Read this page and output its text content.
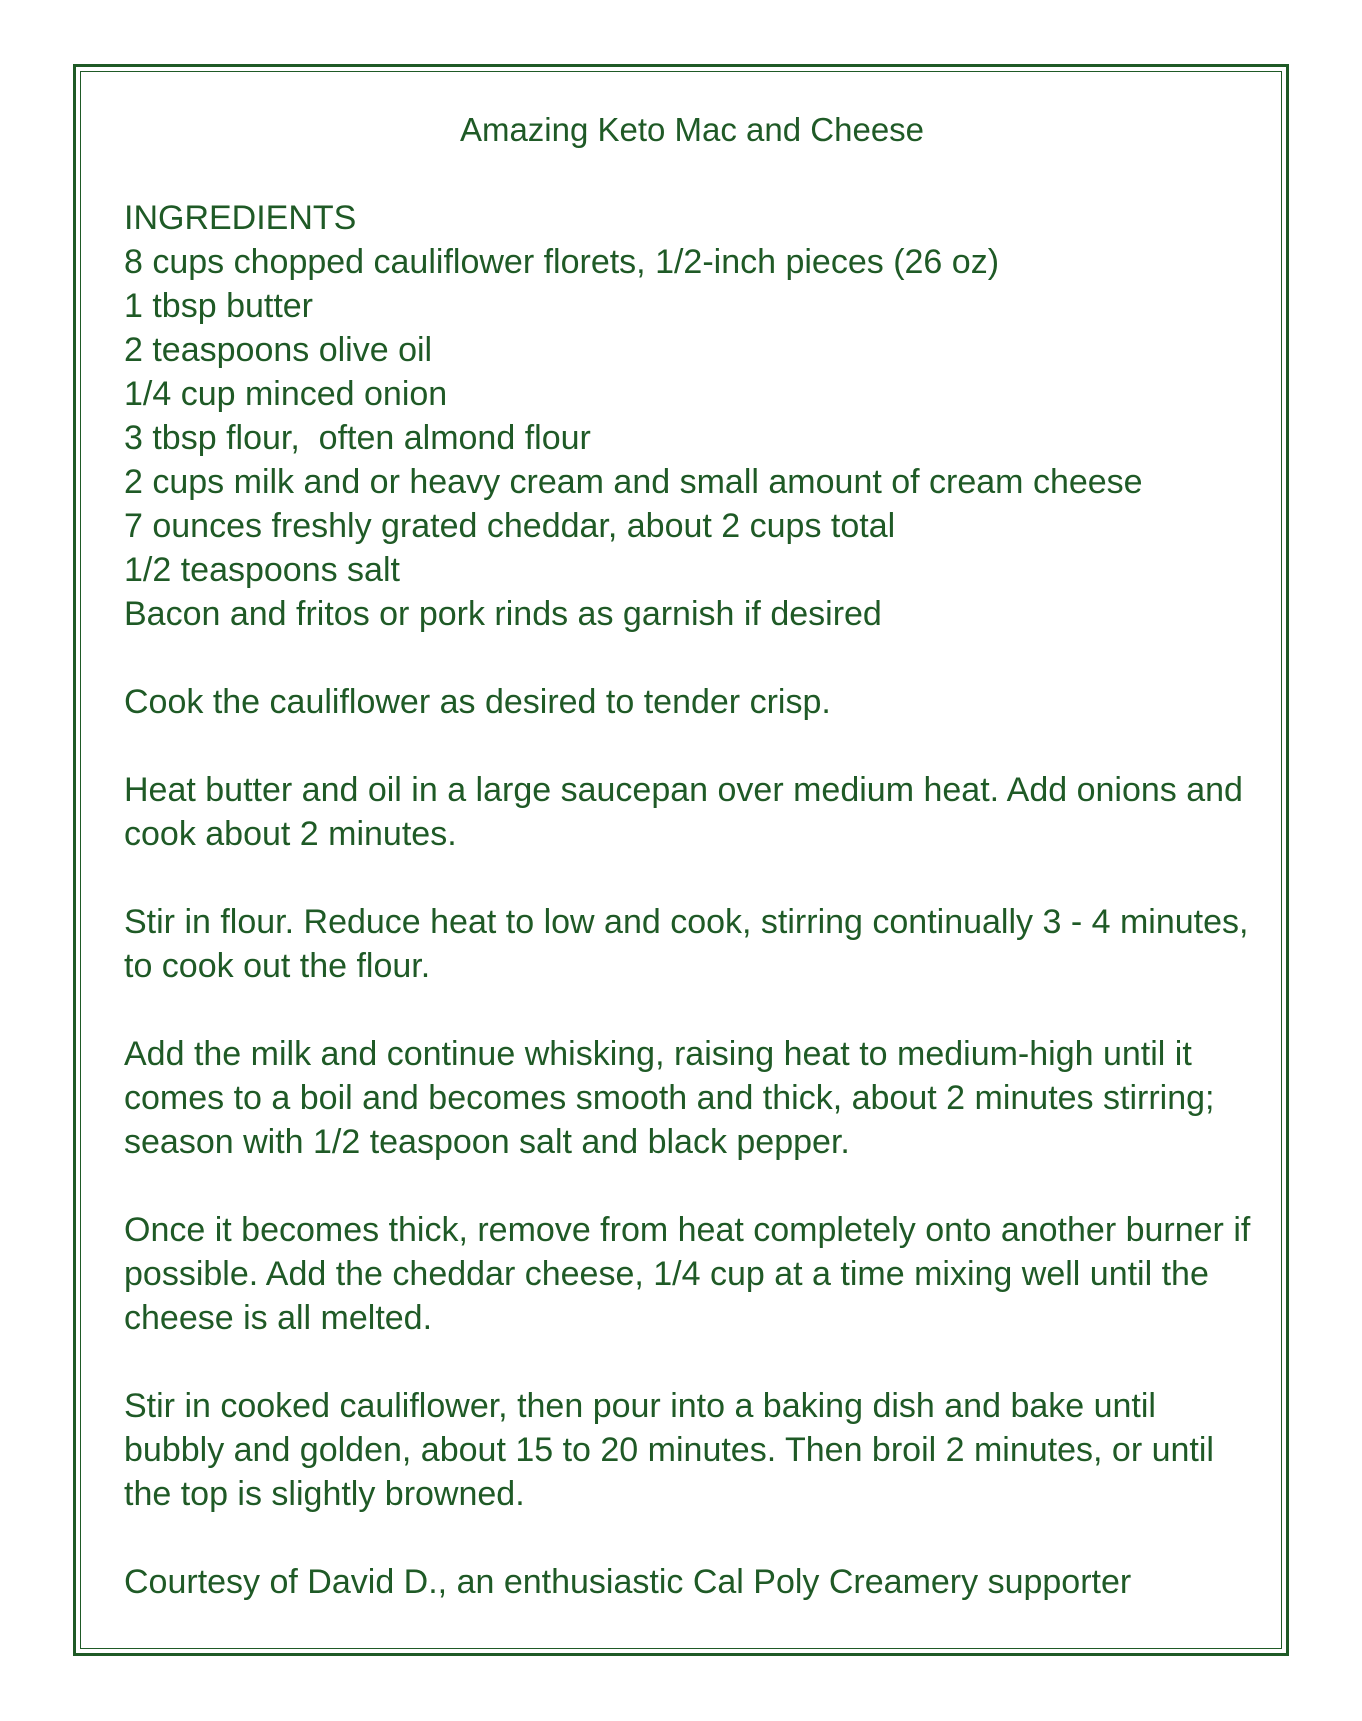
Amazing Keto Mac and Cheese
INGREDIENTS
8 cups chopped cauliflower florets, 1/2-inch pieces (26 oz)
1 tbsp butter
2 teaspoons olive oil
1/4 cup minced onion
3 tbsp flour,  often almond flour
2 cups milk and or heavy cream and small amount of cream cheese
7 ounces freshly grated cheddar, about 2 cups total
1/2 teaspoons salt
Bacon and fritos or pork rinds as garnish if desired

Cook the cauliflower as desired to tender crisp.

Heat butter and oil in a large saucepan over medium heat. Add onions and cook about 2 minutes.

Stir in flour. Reduce heat to low and cook, stirring continually 3 - 4 minutes, to cook out the flour.

Add the milk and continue whisking, raising heat to medium-high until it comes to a boil and becomes smooth and thick, about 2 minutes stirring; season with 1/2 teaspoon salt and black pepper.

Once it becomes thick, remove from heat completely onto another burner if possible. Add the cheddar cheese, 1/4 cup at a time mixing well until the cheese is all melted.

Stir in cooked cauliflower, then pour into a baking dish and bake until bubbly and golden, about 15 to 20 minutes. Then broil 2 minutes, or until the top is slightly browned.

Courtesy of David D., an enthusiastic Cal Poly Creamery supporter
